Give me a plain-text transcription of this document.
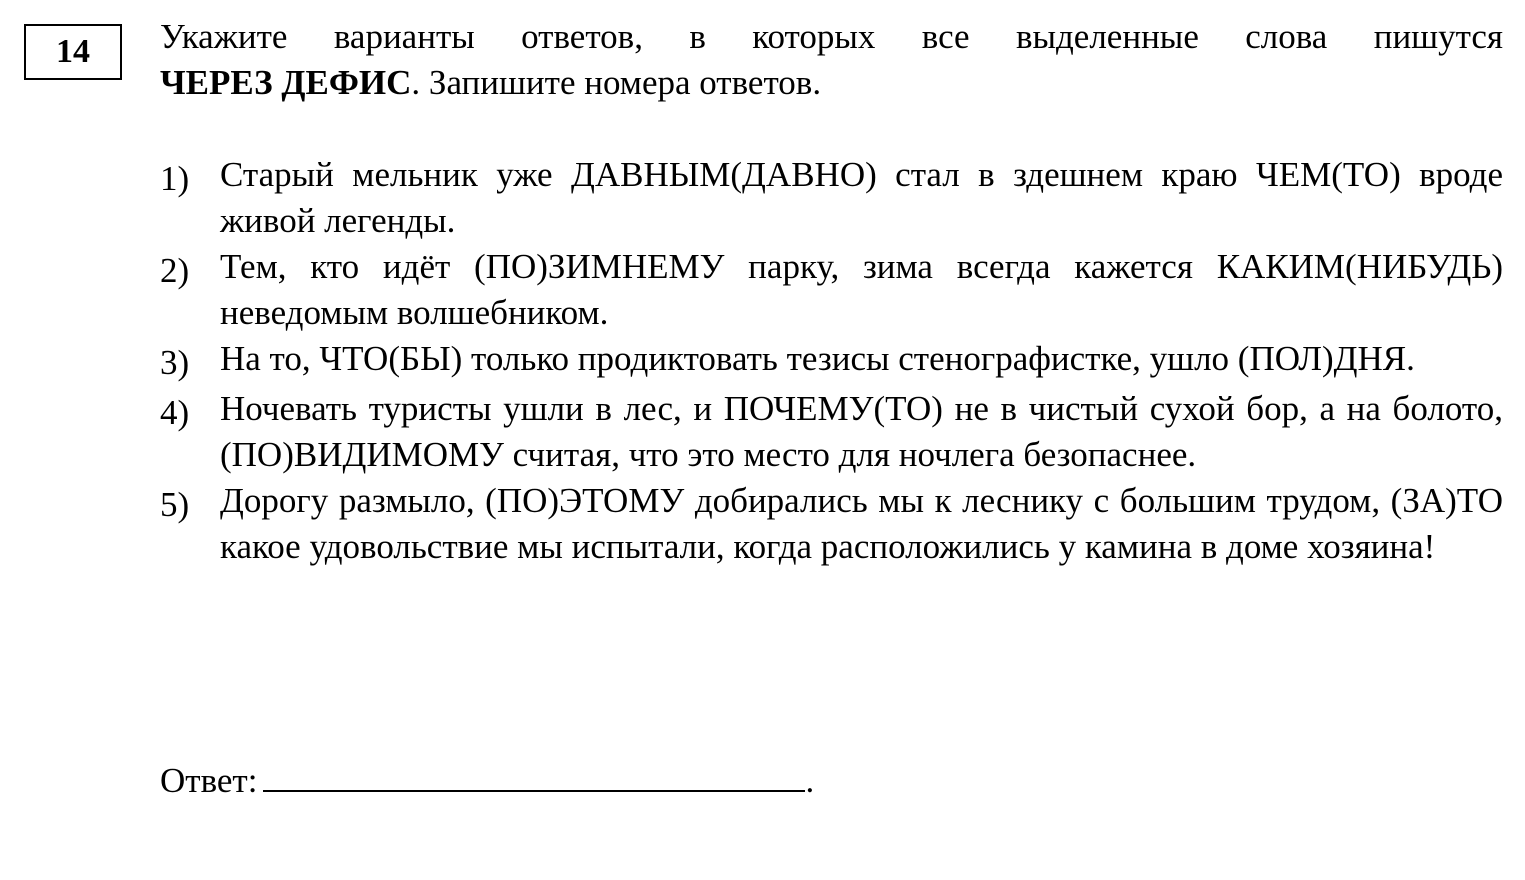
14 Укажите варианты ответов, в которых все выделенные слова пишутся
ЧЕРЕЗ ДЕФИС. Запишите номера ответов.
1) Старый мельник уже ДАВНЫМ(ДАВНО) стал в здешнем краю ЧЕМ(ТО) вроде живой легенды.
2) Тем, кто идёт (ПО)ЗИМНЕМУ парку, зима всегда кажется КАКИМ(НИБУДЬ) неведомым волшебником.
3) На то, ЧТО(БЫ) только продиктовать тезисы стенографистке, ушло (ПОЛ)ДНЯ.
4) Ночевать туристы ушли в лес, и ПОЧЕМУ(ТО) не в чистый сухой бор, а на болото, (ПО)ВИДИМОМУ считая, что это место для ночлега безопаснее.
5) Дорогу размыло, (ПО)ЭТОМУ добирались мы к леснику с большим трудом, (ЗА)ТО какое удовольствие мы испытали, когда расположились у камина в доме хозяина!
Ответ:	.
